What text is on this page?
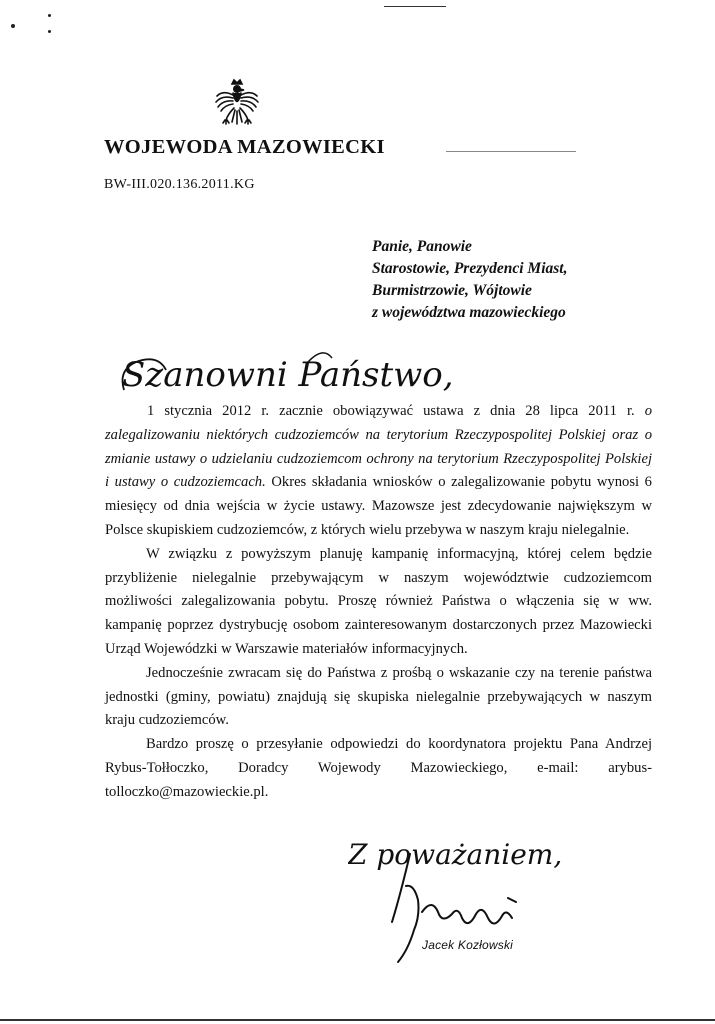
WOJEWODA MAZOWIECKI
BW-III.020.136.2011.KG
Panie, Panowie
Starostowie, Prezydenci Miast,
Burmistrzowie, Wójtowie
z województwa mazowieckiego
Szanowni Państwo,

1 stycznia 2012 r. zacznie obowiązywać ustawa z dnia 28 lipca 2011 r. o zalegalizowaniu niektórych cudzoziemców na terytorium Rzeczypospolitej Polskiej oraz o zmianie ustawy o udzielaniu cudzoziemcom ochrony na terytorium Rzeczypospolitej Polskiej i ustawy o cudzoziemcach. Okres składania wniosków o zalegalizowanie pobytu wynosi 6 miesięcy od dnia wejścia w życie ustawy. Mazowsze jest zdecydowanie największym w Polsce skupiskiem cudzoziemców, z których wielu przebywa w naszym kraju nielegalnie.

W związku z powyższym planuję kampanię informacyjną, której celem będzie przybliżenie nielegalnie przebywającym w naszym województwie cudzoziemcom możliwości zalegalizowania pobytu. Proszę również Państwa o włączenia się w ww. kampanię poprzez dystrybucję osobom zainteresowanym dostarczonych przez Mazowiecki Urząd Wojewódzki w Warszawie materiałów informacyjnych.

Jednocześnie zwracam się do Państwa z prośbą o wskazanie czy na terenie państwa jednostki (gminy, powiatu) znajdują się skupiska nielegalnie przebywających w naszym kraju cudzoziemców.

Bardzo proszę o przesyłanie odpowiedzi do koordynatora projektu Pana Andrzej Rybus-Tołłoczko, Doradcy Wojewody Mazowieckiego, e-mail: arybus-tolloczko@mazowieckie.pl.

Z poważaniem,
Jacek Kozłowski
